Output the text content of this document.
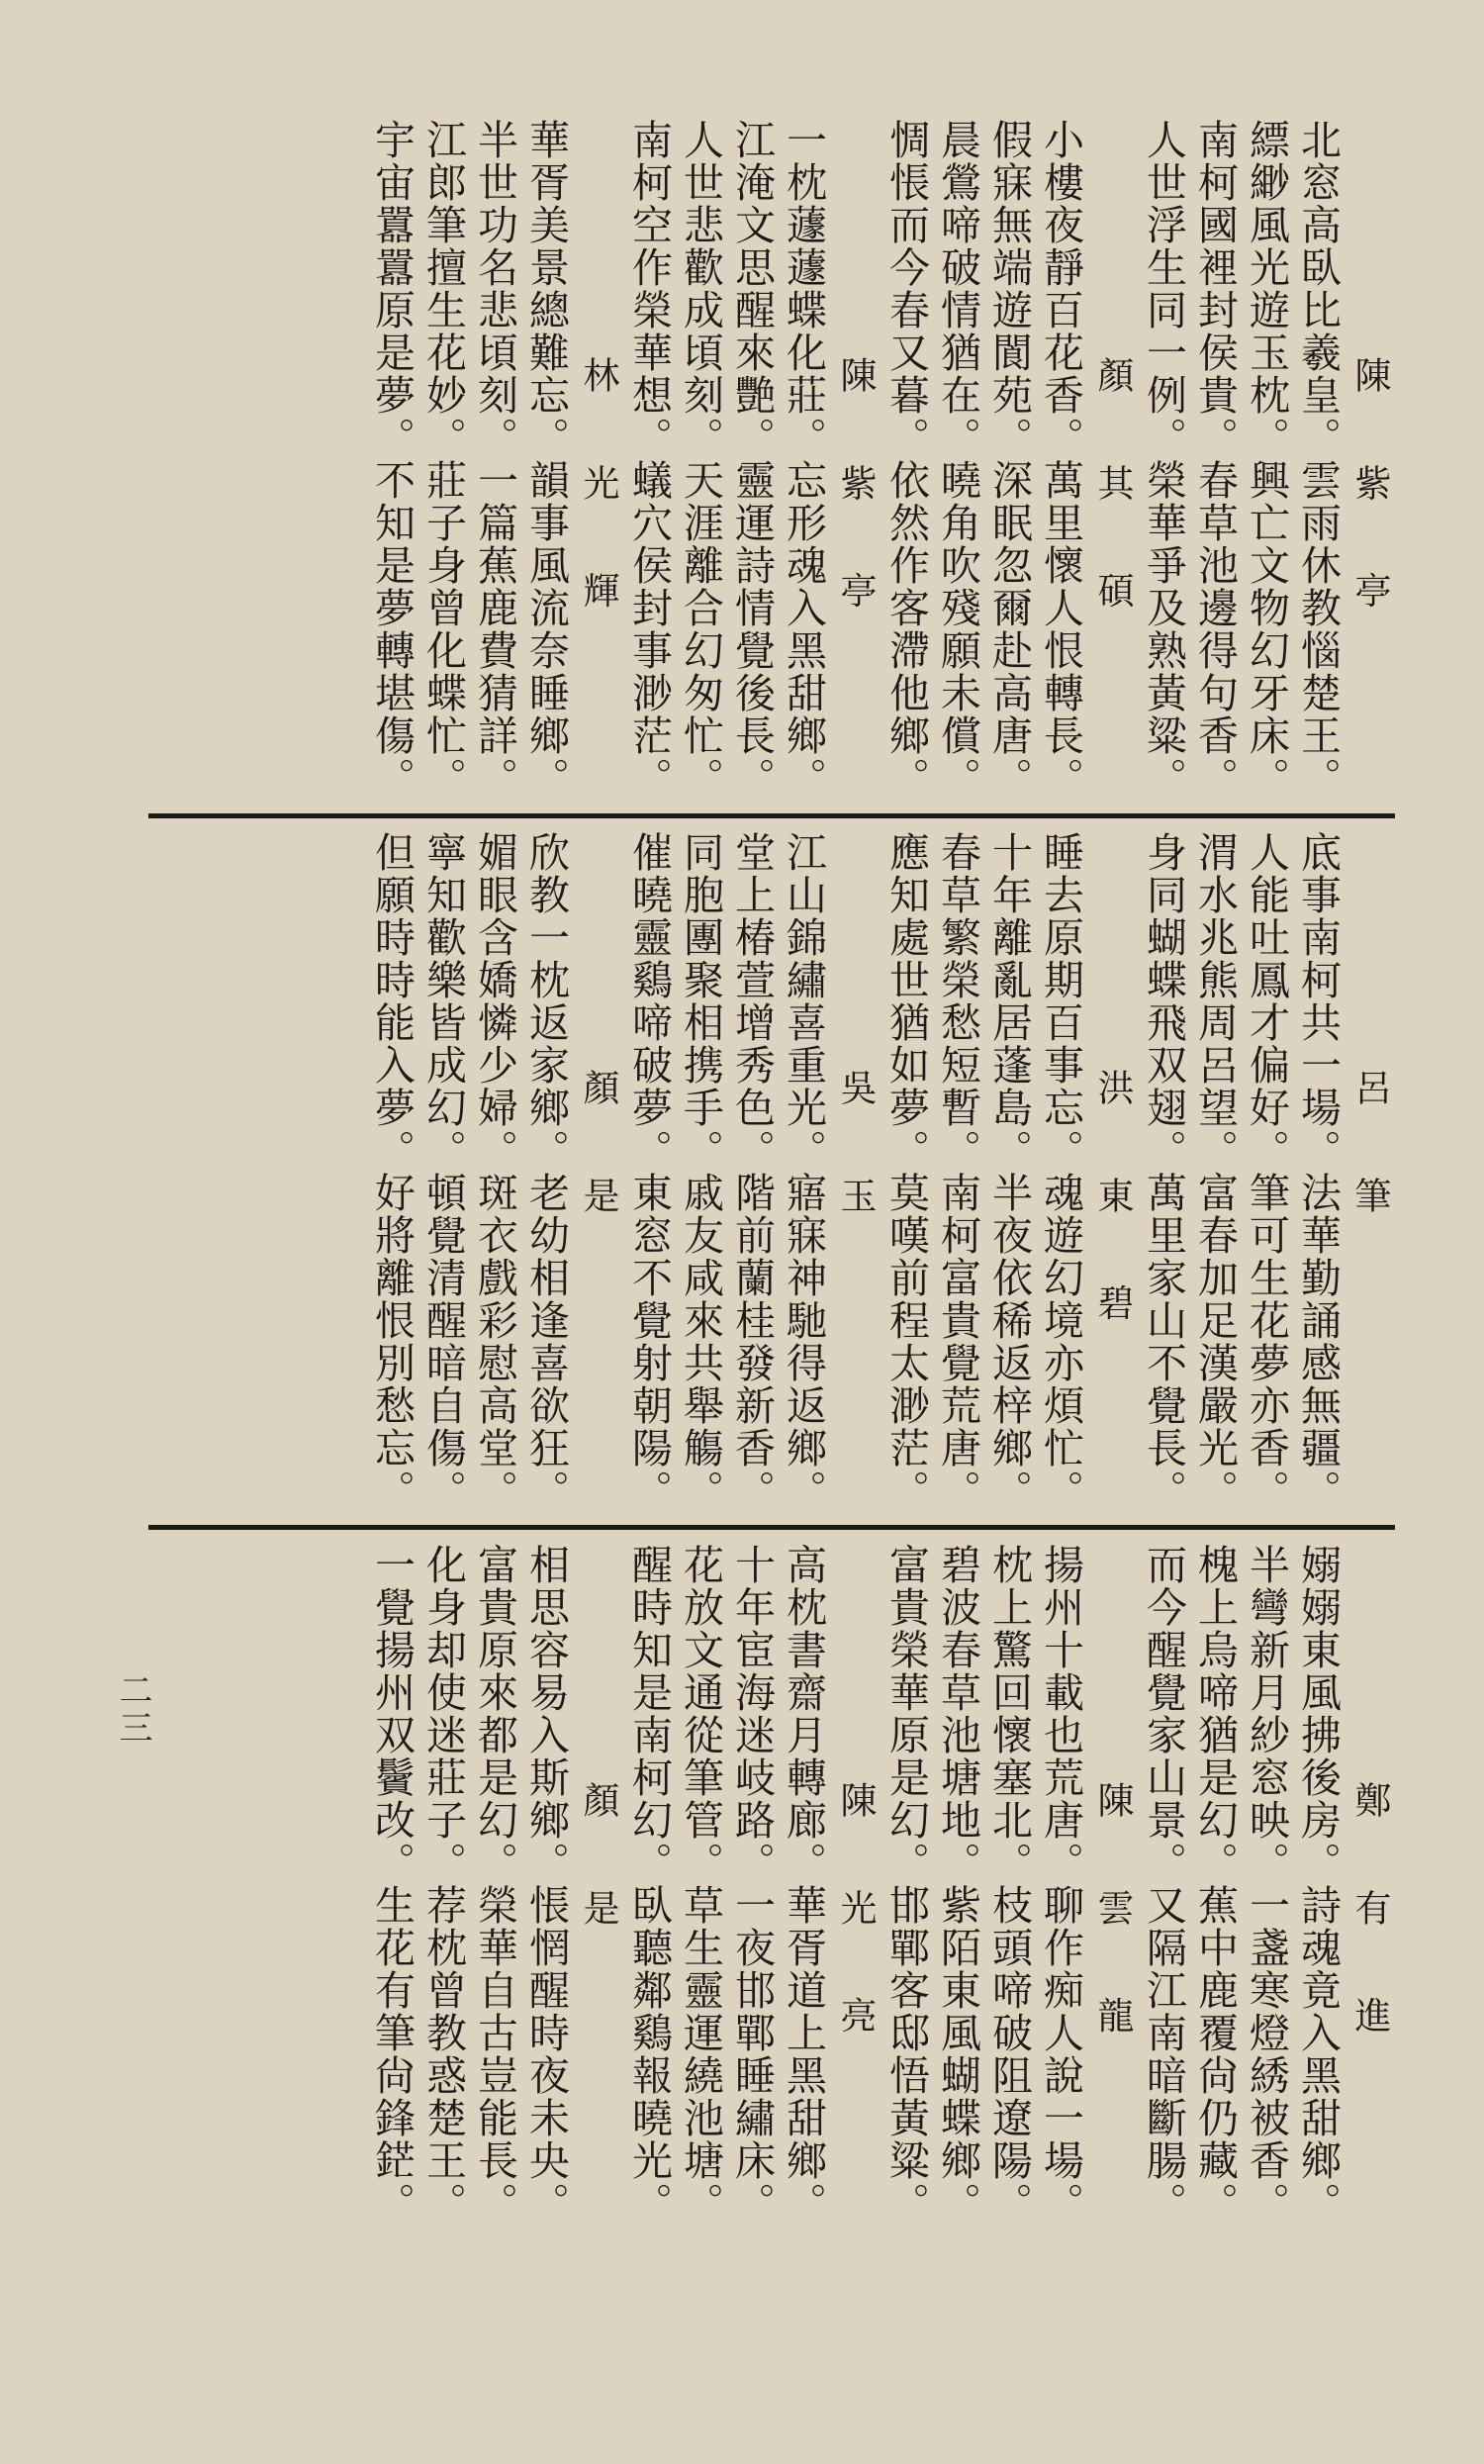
陳 紫 亭
北窓高臥比羲皇。雲雨休教惱楚王。
縹緲風光遊玉枕。興亡文物幻牙床。
南柯國裡封侯貴。春草池邊得句香。
人世浮生同一例。榮華爭及熟黃粱。
顏 其 碩
小樓夜靜百花香。萬里懷人恨轉長。
假寐無端遊閬苑。深眠忽爾赴高唐。
晨鶯啼破情猶在。曉角吹殘願未償。
惆悵而今春又暮。依然作客滯他鄉。
陳 紫 亭
一枕蘧蘧蝶化莊。忘形魂入黑甜鄉。
江淹文思醒來艷。靈運詩情覺後長。
人世悲歡成頃刻。天涯離合幻匆忙。
南柯空作榮華想。蟻穴侯封事渺茫。
林 光 輝
華胥美景總難忘。韻事風流奈睡鄉。
半世功名悲頃刻。一篇蕉鹿費猜詳。
江郎筆擅生花妙。莊子身曾化蝶忙。
宇宙囂囂原是夢。不知是夢轉堪傷。
呂 筆
底事南柯共一場。法華勤誦感無疆。
人能吐鳳才偏好。筆可生花夢亦香。
渭水兆熊周呂望。富春加足漢嚴光。
身同蝴蝶飛双翅。萬里家山不覺長。
洪 東 碧
睡去原期百事忘。魂遊幻境亦煩忙。
十年離亂居蓬島。半夜依稀返梓鄉。
春草繁榮愁短暫。南柯富貴覺荒唐。
應知處世猶如夢。莫嘆前程太渺茫。
吳 玉
江山錦繡喜重光。寤寐神馳得返鄉。
堂上椿萱增秀色。階前蘭桂發新香。
同胞團聚相携手。戚友咸來共舉觴。
催曉靈鷄啼破夢。東窓不覺射朝陽。
顏 是
欣教一枕返家鄉。老幼相逢喜欲狂。
媚眼含嬌憐少婦。斑衣戲彩慰高堂。
寧知歡樂皆成幻。頓覺清醒暗自傷。
但願時時能入夢。好將離恨別愁忘。
鄭 有 進
嫋嫋東風拂後房。詩魂竟入黑甜鄉。
半彎新月紗窓映。一盞寒燈綉被香。
槐上烏啼猶是幻。蕉中鹿覆尙仍藏。
而今醒覺家山景。又隔江南暗斷腸。
陳 雲 龍
揚州十載也荒唐。聊作痴人說一場。
枕上驚回懷塞北。枝頭啼破阻遼陽。
碧波春草池塘地。紫陌東風蝴蝶鄉。
富貴榮華原是幻。邯鄲客邸悟黃粱。
陳 光 亮
高枕書齋月轉廊。華胥道上黑甜鄉。
十年宦海迷岐路。一夜邯鄲睡繡床。
花放文通從筆管。草生靈運繞池塘。
醒時知是南柯幻。臥聽鄰鷄報曉光。
顏 是
相思容易入斯鄉。悵惘醒時夜未央。
富貴原來都是幻。榮華自古豈能長。
化身却使迷莊子。荐枕曾教惑楚王。
一覺揚州双鬢改。生花有筆尙鋒鋩。
二三
